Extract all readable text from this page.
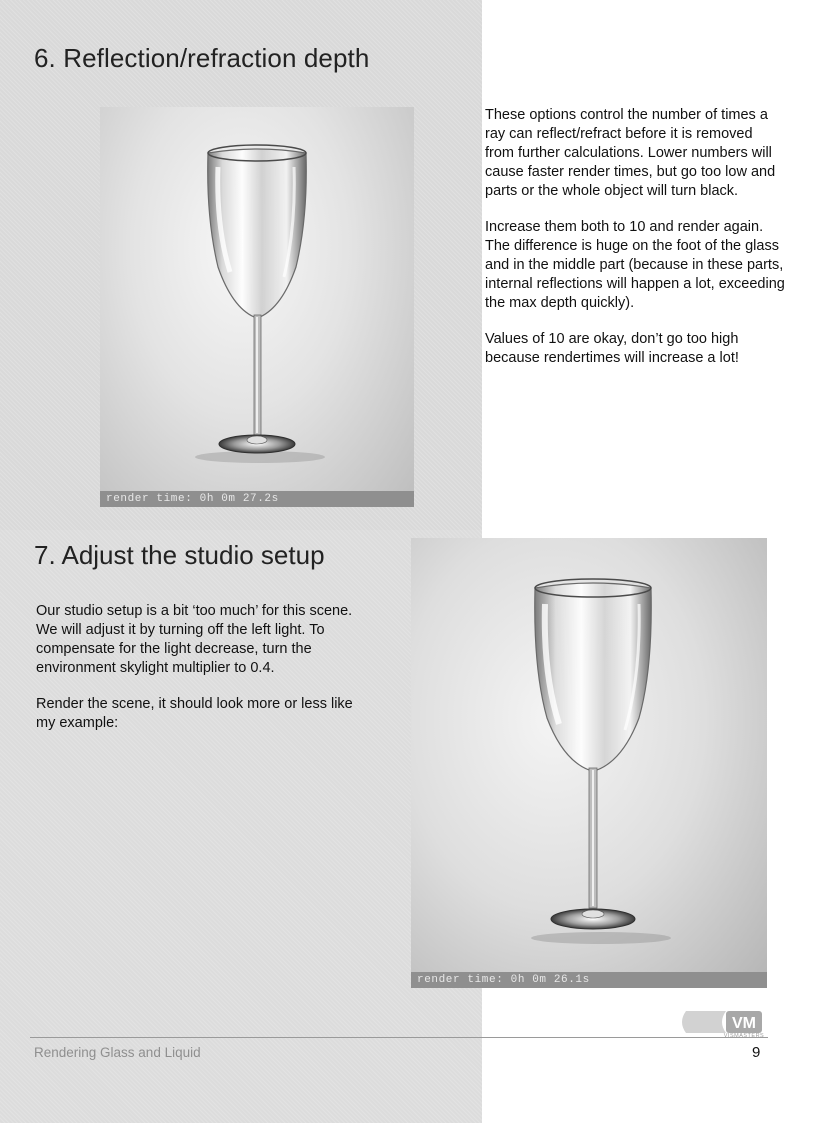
6. Reflection/refraction depth
render time: 0h 0m 27.2s

These options control the number of times a ray can reflect/refract before it is removed from further calculations. Lower numbers will cause faster render times, but go too low and parts or the whole object will turn black.

Increase them both to 10 and render again. The difference is huge on the foot of the glass and in the middle part (because in these parts, internal reflections will happen a lot, exceeding the max depth quickly).

Values of 10 are okay, don’t go too high because rendertimes will increase a lot!

7. Adjust the studio setup

Our studio setup is a bit ‘too much’ for this scene. We will adjust it by turning off the left light. To compensate for the light decrease, turn the environment skylight multiplier to 0.4.

Render the scene, it should look more or less like my example:

render time: 0h 0m 26.1s
VM
VISMASTERS
Rendering Glass and Liquid	9
